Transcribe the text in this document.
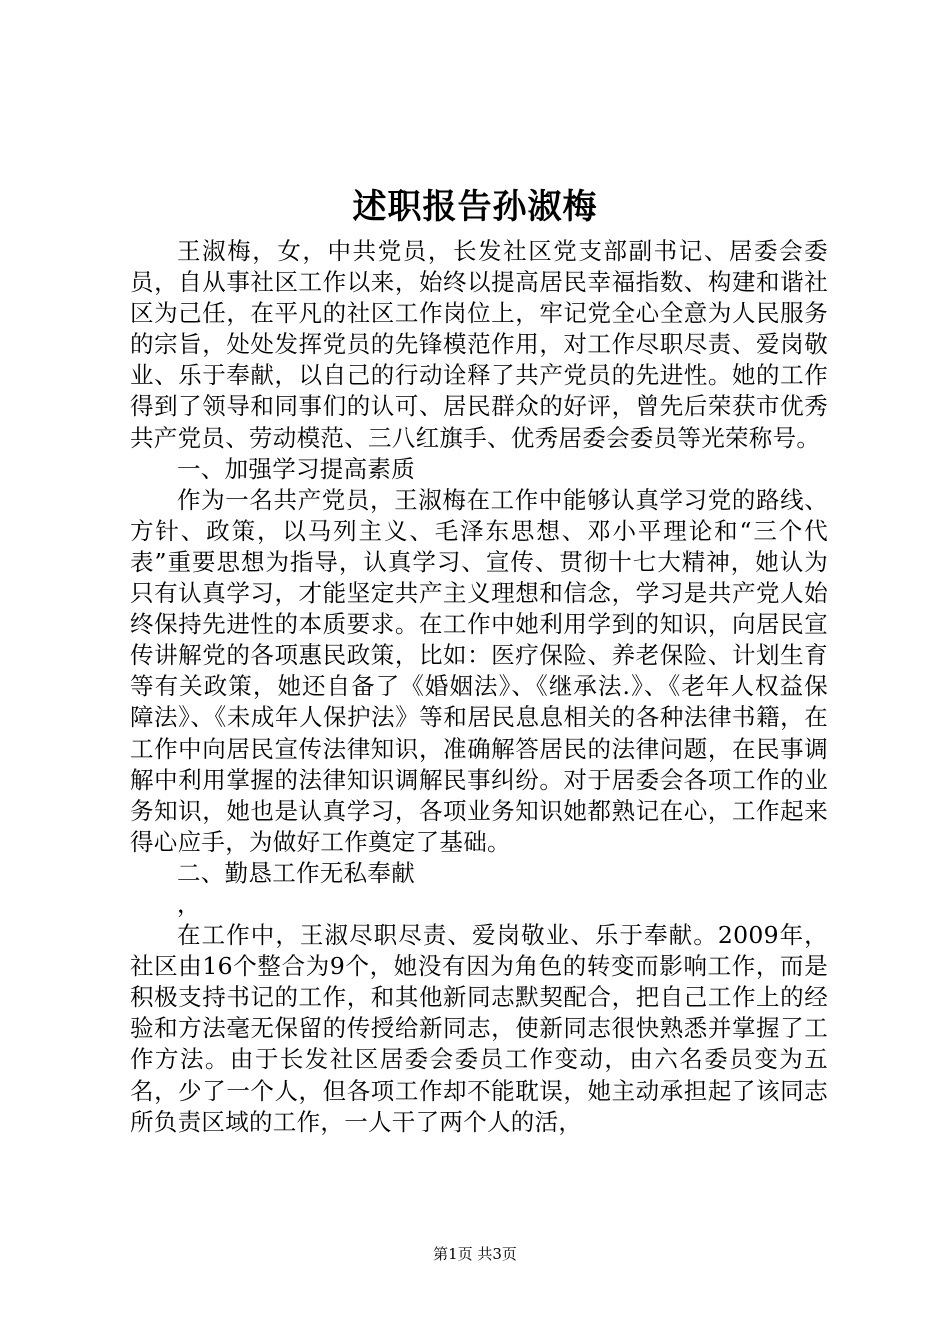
述职报告孙淑梅

王淑梅，女，中共党员，长发社区党支部副书记、居委会委员，自从事社区工作以来，始终以提高居民幸福指数、构建和谐社区为己任，在平凡的社区工作岗位上，牢记党全心全意为人民服务的宗旨，处处发挥党员的先锋模范作用，对工作尽职尽责、爱岗敬业、乐于奉献，以自己的行动诠释了共产党员的先进性。她的工作得到了领导和同事们的认可、居民群众的好评，曾先后荣获市优秀共产党员、劳动模范、三八红旗手、优秀居委会委员等光荣称号。

一、加强学习提高素质

作为一名共产党员，王淑梅在工作中能够认真学习党的路线、方针、政策，以马列主义、毛泽东思想、邓小平理论和“三个代表”重要思想为指导，认真学习、宣传、贯彻十七大精神，她认为只有认真学习，才能坚定共产主义理想和信念，学习是共产党人始终保持先进性的本质要求。在工作中她利用学到的知识，向居民宣传讲解党的各项惠民政策，比如：医疗保险、养老保险、计划生育等有关政策，她还自备了《婚姻法》、《继承法.》、《老年人权益保障法》、《未成年人保护法》等和居民息息相关的各种法律书籍，在工作中向居民宣传法律知识，准确解答居民的法律问题，在民事调解中利用掌握的法律知识调解民事纠纷。对于居委会各项工作的业务知识，她也是认真学习，各项业务知识她都熟记在心，工作起来得心应手，为做好工作奠定了基础。

二、勤恳工作无私奉献

，

在工作中，王淑尽职尽责、爱岗敬业、乐于奉献。2009年，社区由16个整合为9个，她没有因为角色的转变而影响工作，而是积极支持书记的工作，和其他新同志默契配合，把自己工作上的经验和方法毫无保留的传授给新同志，使新同志很快熟悉并掌握了工作方法。由于长发社区居委会委员工作变动，由六名委员变为五名，少了一个人，但各项工作却不能耽误，她主动承担起了该同志所负责区域的工作，一人干了两个人的活，

第1页 共3页
